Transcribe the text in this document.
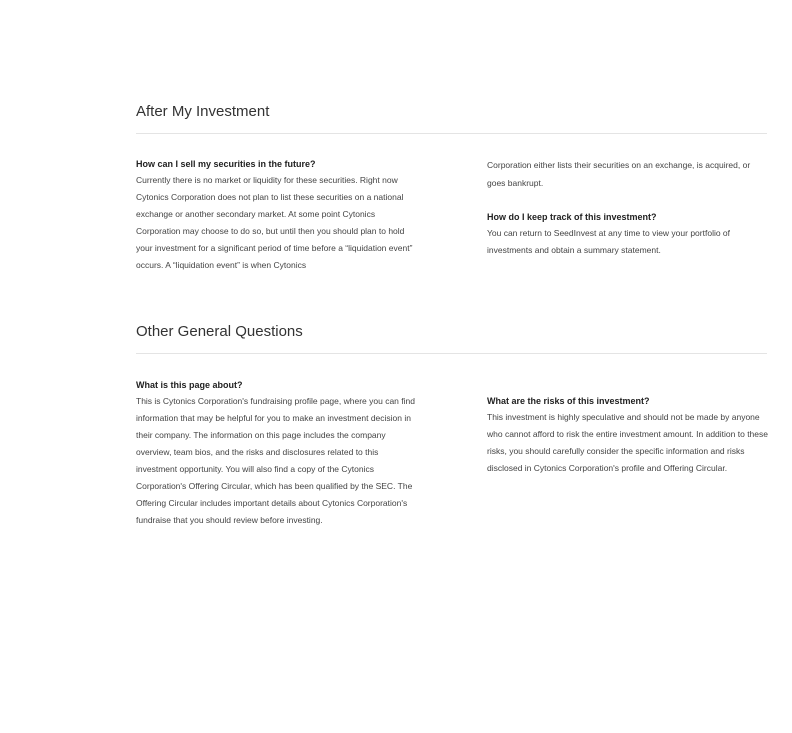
After My Investment

How can I sell my securities in the future?

Currently there is no market or liquidity for these securities. Right now Cytonics Corporation does not plan to list these securities on a national exchange or another secondary market. At some point Cytonics Corporation may choose to do so, but until then you should plan to hold your investment for a significant period of time before a “liquidation event” occurs. A “liquidation event” is when Cytonics

Corporation either lists their securities on an exchange, is acquired, or goes bankrupt.

How do I keep track of this investment?

You can return to SeedInvest at any time to view your portfolio of investments and obtain a summary statement.

Other General Questions

What is this page about?

This is Cytonics Corporation's fundraising profile page, where you can find information that may be helpful for you to make an investment decision in their company. The information on this page includes the company overview, team bios, and the risks and disclosures related to this investment opportunity. You will also find a copy of the Cytonics Corporation's Offering Circular, which has been qualified by the SEC. The Offering Circular includes important details about Cytonics Corporation's fundraise that you should review before investing.

What are the risks of this investment?

This investment is highly speculative and should not be made by anyone who cannot afford to risk the entire investment amount. In addition to these risks, you should carefully consider the specific information and risks disclosed in Cytonics Corporation's profile and Offering Circular.
